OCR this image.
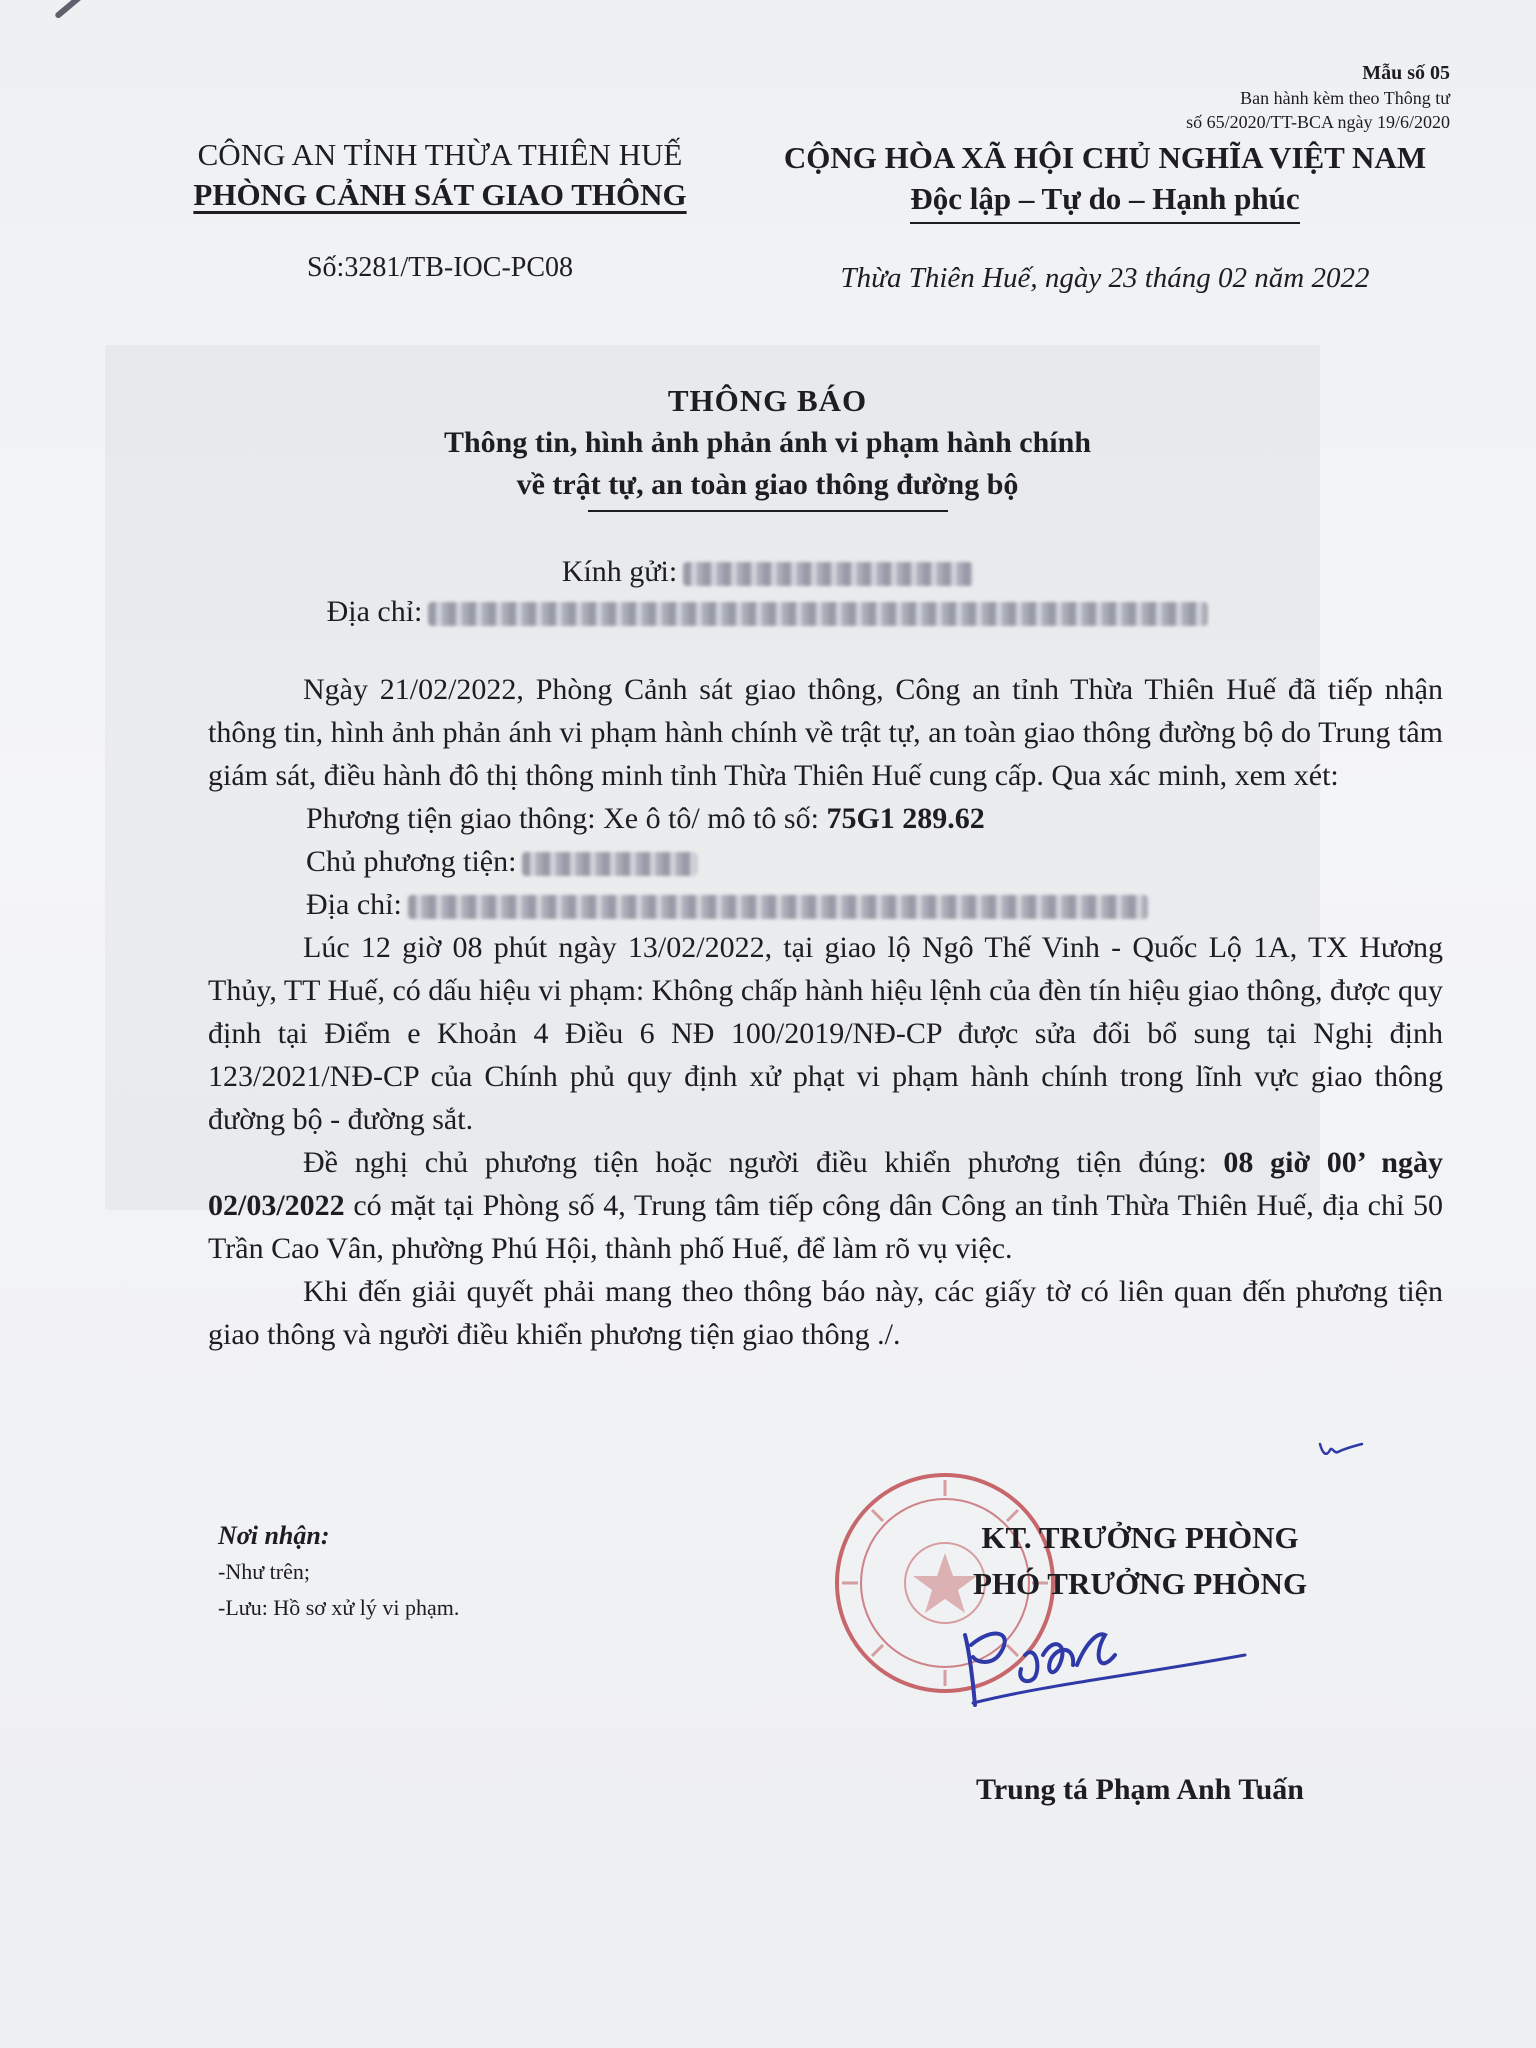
Mẫu số 05
Ban hành kèm theo Thông tư
số 65/2020/TT-BCA ngày 19/6/2020
CÔNG AN TỈNH THỪA THIÊN HUẾ
PHÒNG CẢNH SÁT GIAO THÔNG
Số:3281/TB-IOC-PC08
CỘNG HÒA XÃ HỘI CHỦ NGHĨA VIỆT NAM
Độc lập – Tự do – Hạnh phúc
Thừa Thiên Huế, ngày 23 tháng 02 năm 2022
THÔNG BÁO
Thông tin, hình ảnh phản ánh vi phạm hành chính
về trật tự, an toàn giao thông đường bộ
Kính gửi:
Địa chỉ:

Ngày 21/02/2022, Phòng Cảnh sát giao thông, Công an tỉnh Thừa Thiên Huế đã tiếp nhận thông tin, hình ảnh phản ánh vi phạm hành chính về trật tự, an toàn giao thông đường bộ do Trung tâm giám sát, điều hành đô thị thông minh tỉnh Thừa Thiên Huế cung cấp. Qua xác minh, xem xét:

Phương tiện giao thông: Xe ô tô/ mô tô số: 75G1 289.62

Chủ phương tiện:

Địa chỉ:

Lúc 12 giờ 08 phút ngày 13/02/2022, tại giao lộ Ngô Thế Vinh - Quốc Lộ 1A, TX Hương Thủy, TT Huế, có dấu hiệu vi phạm: Không chấp hành hiệu lệnh của đèn tín hiệu giao thông, được quy định tại Điểm e Khoản 4 Điều 6 NĐ 100/2019/NĐ-CP được sửa đổi bổ sung tại Nghị định 123/2021/NĐ-CP của Chính phủ quy định xử phạt vi phạm hành chính trong lĩnh vực giao thông đường bộ - đường sắt.

Đề nghị chủ phương tiện hoặc người điều khiển phương tiện đúng: 08 giờ 00’ ngày 02/03/2022 có mặt tại Phòng số 4, Trung tâm tiếp công dân Công an tỉnh Thừa Thiên Huế, địa chỉ 50 Trần Cao Vân, phường Phú Hội, thành phố Huế, để làm rõ vụ việc.

Khi đến giải quyết phải mang theo thông báo này, các giấy tờ có liên quan đến phương tiện giao thông và người điều khiển phương tiện giao thông ./.

Nơi nhận:
-Như trên;
-Lưu: Hồ sơ xử lý vi phạm.
KT. TRƯỞNG PHÒNG
PHÓ TRƯỞNG PHÒNG
Trung tá Phạm Anh Tuấn
